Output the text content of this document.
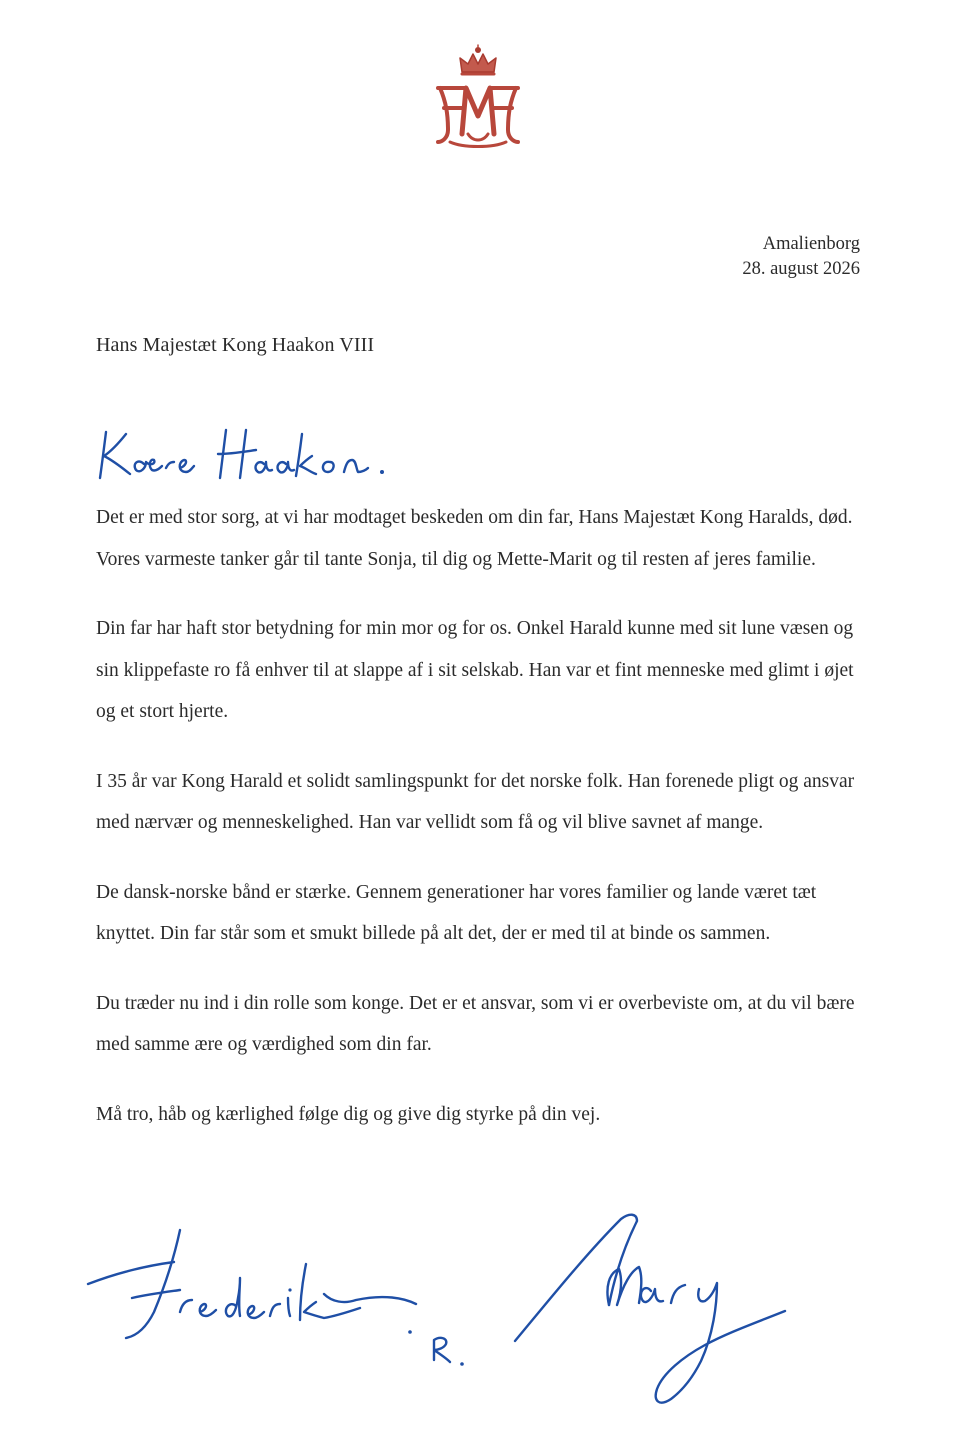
Amalienborg
28. august 2026
Hans Majestæt Kong Haakon VIII

Det er med stor sorg, at vi har modtaget beskeden om din far, Hans Majestæt Kong Haralds, død. Vores varmeste tanker går til tante Sonja, til dig og Mette-Marit og til resten af jeres familie.

Din far har haft stor betydning for min mor og for os. Onkel Harald kunne med sit lune væsen og sin klippefaste ro få enhver til at slappe af i sit selskab. Han var et fint menneske med glimt i øjet og et stort hjerte.

I 35 år var Kong Harald et solidt samlingspunkt for det norske folk. Han forenede pligt og ansvar med nærvær og menneskelighed. Han var vellidt som få og vil blive savnet af mange.

De dansk-norske bånd er stærke. Gennem generationer har vores familier og lande været tæt knyttet. Din far står som et smukt billede på alt det, der er med til at binde os sammen.

Du træder nu ind i din rolle som konge. Det er et ansvar, som vi er overbeviste om, at du vil bære med samme ære og værdighed som din far.

Må tro, håb og kærlighed følge dig og give dig styrke på din vej.
